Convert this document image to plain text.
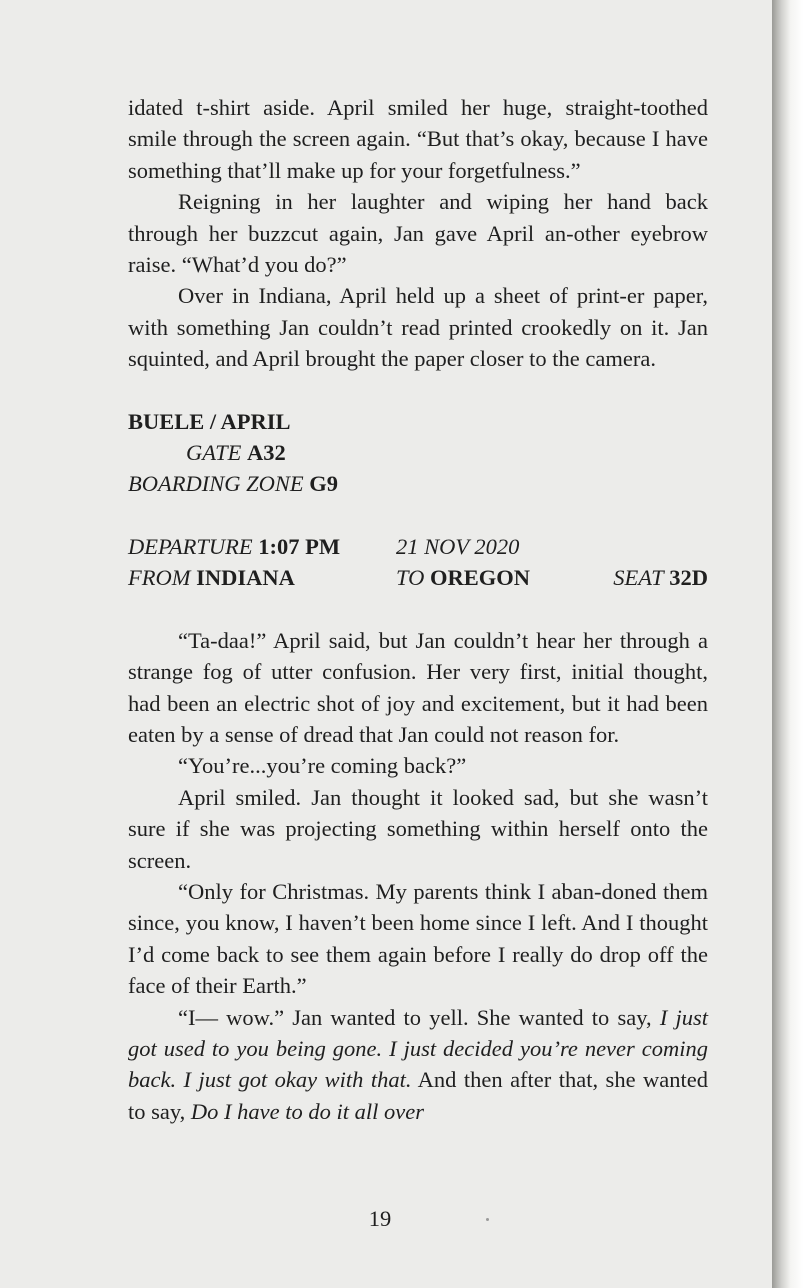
idated t-shirt aside. April smiled her huge, straight-toothed smile through the screen again. “But that’s okay, because I have something that’ll make up for your forgetfulness.”

Reigning in her laughter and wiping her hand back through her buzzcut again, Jan gave April an-other eyebrow raise. “What’d you do?”

Over in Indiana, April held up a sheet of print-er paper, with something Jan couldn’t read printed crookedly on it. Jan squinted, and April brought the paper closer to the camera.

BUELE / APRIL
GATE
A32
BOARDING ZONE
G9
DEPARTURE 1:07 PM	21 NOV 2020
FROM INDIANA	TO OREGON	SEAT 32D

“Ta-daa!” April said, but Jan couldn’t hear her through a strange fog of utter confusion. Her very first, initial thought, had been an electric shot of joy and excitement, but it had been eaten by a sense of dread that Jan could not reason for.

“You’re...you’re coming back?”

April smiled. Jan thought it looked sad, but she wasn’t sure if she was projecting something within herself onto the screen.

“Only for Christmas. My parents think I aban-doned them since, you know, I haven’t been home since I left. And I thought I’d come back to see them again before I really do drop off the face of their Earth.”

“I— wow.” Jan wanted to yell. She wanted to say, I just got used to you being gone. I just decided you’re never coming back. I just got okay with that. And then after that, she wanted to say, Do I have to do it all over

19
